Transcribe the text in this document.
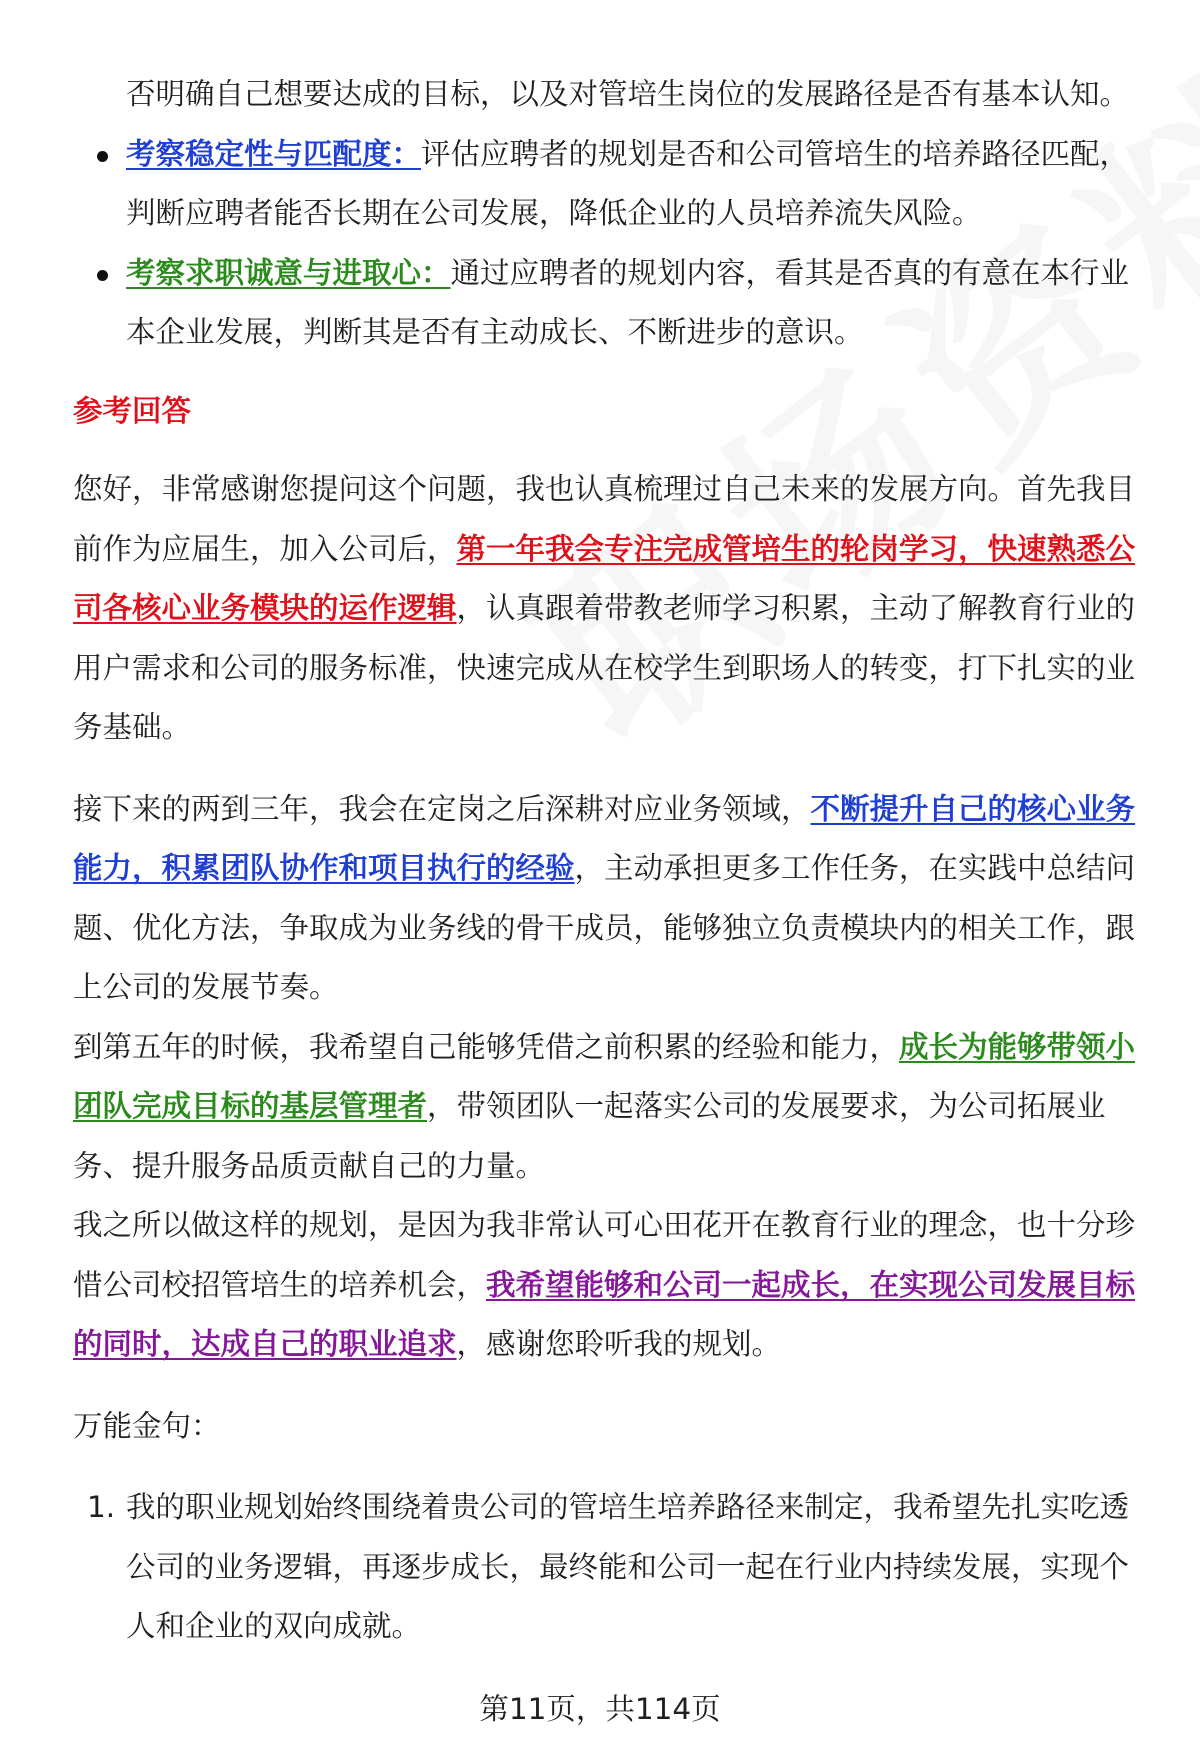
否明确自己想要达成的目标，以及对管培生岗位的发展路径是否有基本认知。

考察稳定性与匹配度：评估应聘者的规划是否和公司管培生的培养路径匹配，判断应聘者能否长期在公司发展，降低企业的人员培养流失风险。
考察求职诚意与进取心：通过应聘者的规划内容，看其是否真的有意在本行业本企业发展，判断其是否有主动成长、不断进步的意识。

参考回答

您好，非常感谢您提问这个问题，我也认真梳理过自己未来的发展方向。首先我目前作为应届生，加入公司后，第一年我会专注完成管培生的轮岗学习，快速熟悉公司各核心业务模块的运作逻辑，认真跟着带教老师学习积累，主动了解教育行业的用户需求和公司的服务标准，快速完成从在校学生到职场人的转变，打下扎实的业务基础。

接下来的两到三年，我会在定岗之后深耕对应业务领域，不断提升自己的核心业务能力，积累团队协作和项目执行的经验，主动承担更多工作任务，在实践中总结问题、优化方法，争取成为业务线的骨干成员，能够独立负责模块内的相关工作，跟上公司的发展节奏。

到第五年的时候，我希望自己能够凭借之前积累的经验和能力，成长为能够带领小团队完成目标的基层管理者，带领团队一起落实公司的发展要求，为公司拓展业务、提升服务品质贡献自己的力量。

我之所以做这样的规划，是因为我非常认可心田花开在教育行业的理念，也十分珍惜公司校招管培生的培养机会，我希望能够和公司一起成长，在实现公司发展目标的同时，达成自己的职业追求，感谢您聆听我的规划。

万能金句：

1. 我的职业规划始终围绕着贵公司的管培生培养路径来制定，我希望先扎实吃透公司的业务逻辑，再逐步成长，最终能和公司一起在行业内持续发展，实现个人和企业的双向成就。
第11页，共114页
